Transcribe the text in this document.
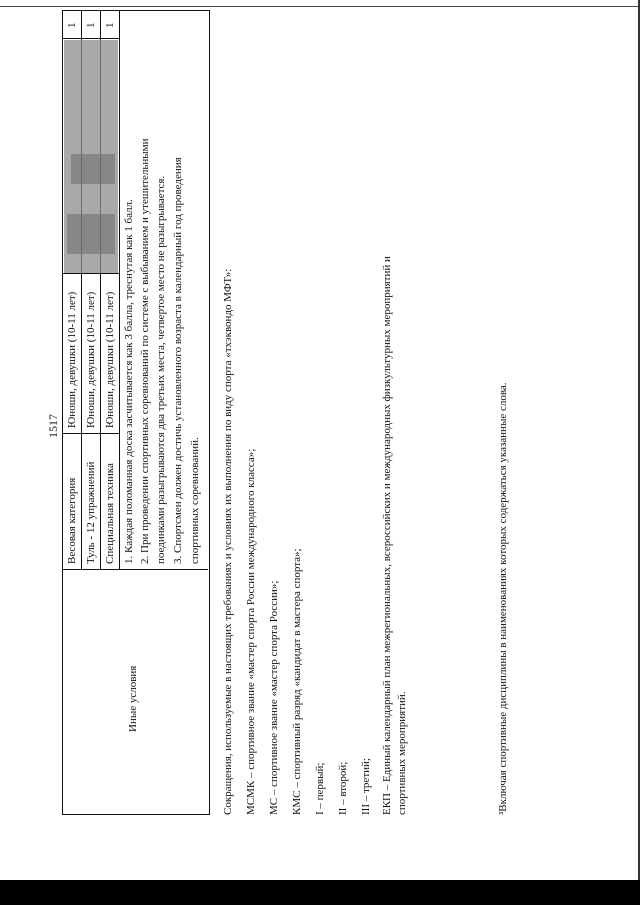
1517
Иные условия
Весовая категория
Юноши, девушки (10-11 лет)
1
Туль - 12 упражнений
Юноши, девушки (10-11 лет)
1
Специальная техника
Юноши, девушки (10-11 лет)
1
1. Каждая поломанная доска засчитывается как 3 балла, треснутая как 1 балл. 2. При проведении спортивных соревнований по системе с выбыванием и утешительными поединками разыгрываются два третьих места, четвертое место не разыгрывается. 3. Спортсмен должен достичь установленного возраста в календарный год проведения спортивных соревнований. Сокращения, используемые в настоящих требованиях и условиях их выполнения по виду спорта «тхэквондо МФТ»: МСМК – спортивное звание «мастер спорта России международного класса»; МС – спортивное звание «мастер спорта России»; КМС – спортивный разряд «кандидат в мастера спорта»; I – первый; II – второй; III – третий; ЕКП – Единый календарный план межрегиональных, всероссийских и международных физкультурных мероприятий и спортивных мероприятий.	³Включая спортивные дисциплины в наименованиях которых содержаться указанные слова.
